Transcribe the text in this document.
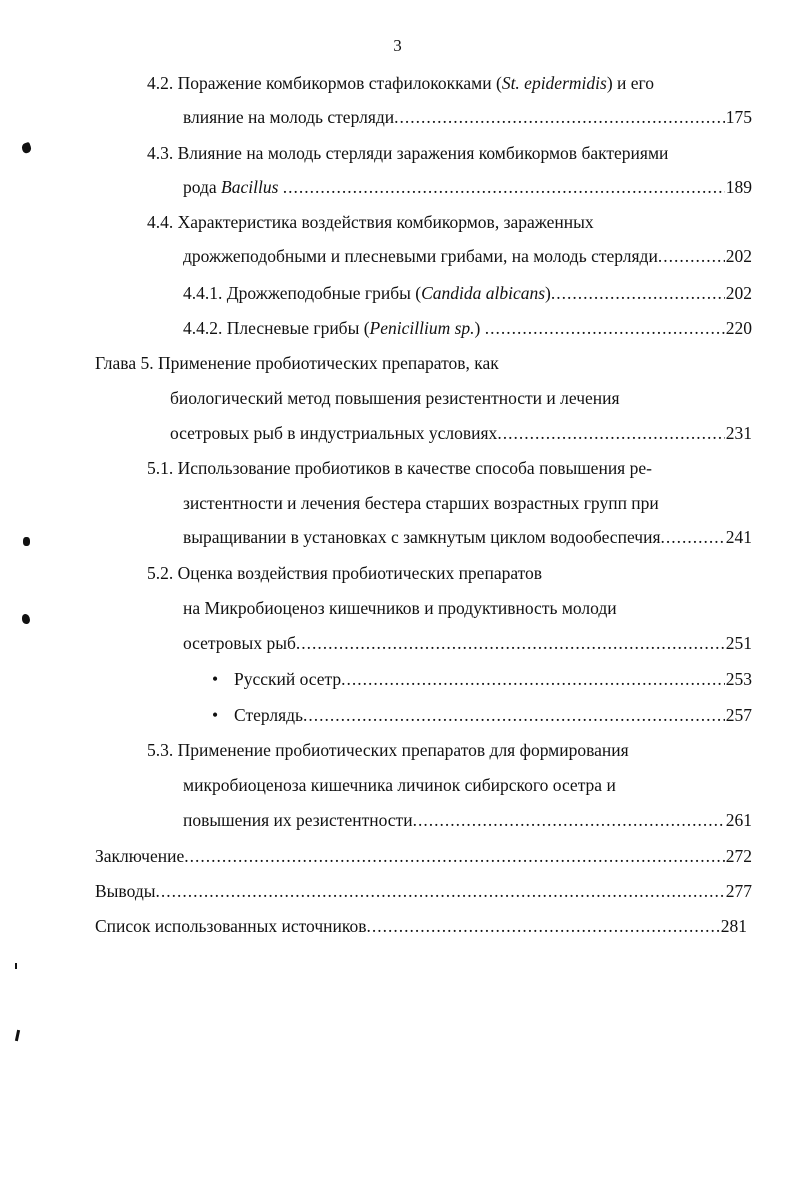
3
4.2. Поражение комбикормов стафилококками (St. epidermidis) и его
влияние на молодь стерляди .....	175
4.3. Влияние на молодь стерляди заражения комбикормов бактериями
рода Bacillus .....	189
4.4. Характеристика воздействия комбикормов, зараженных
дрожжеподобными и плесневыми грибами, на молодь стерляди .....	202
4.4.1. Дрожжеподобные грибы (Candida albicans) .....	202
4.4.2. Плесневые грибы (Penicillium sp.) .....	220
Глава 5. Применение пробиотических препаратов, как
биологический метод повышения резистентности и лечения
осетровых рыб в индустриальных условиях .....	231
5.1. Использование пробиотиков в качестве способа повышения ре-
зистентности и лечения бестера старших возрастных групп при
выращивании в установках с замкнутым циклом водообеспечия .....	241
5.2. Оценка воздействия пробиотических препаратов
на Микробиоценоз кишечников и продуктивность молоди
осетровых рыб .....	251
• Русский осетр .....	253
• Стерлядь .....	257
5.3. Применение пробиотических препаратов для формирования
микробиоценоза кишечника личинок сибирского осетра и
повышения их резистентности .....	261
Заключение .....	272
Выводы .....	277
Список использованных источников .....	281
